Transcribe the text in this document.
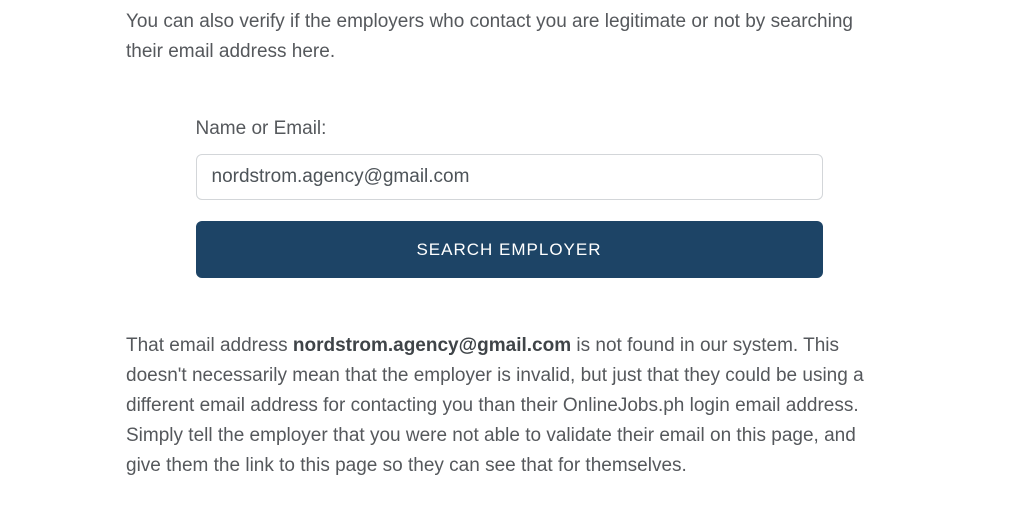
You can also verify if the employers who contact you are legitimate or not by searching their email address here.

Name or Email:
nordstrom.agency@gmail.com
SEARCH EMPLOYER

That email address nordstrom.agency@gmail.com is not found in our system. This doesn't necessarily mean that the employer is invalid, but just that they could be using a different email address for contacting you than their OnlineJobs.ph login email address. Simply tell the employer that you were not able to validate their email on this page, and give them the link to this page so they can see that for themselves.
